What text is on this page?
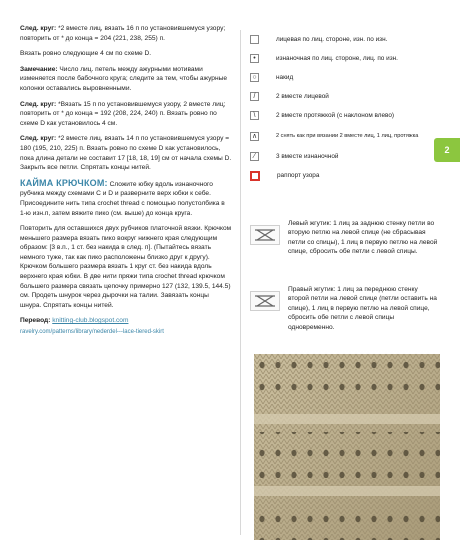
След. круг: *2 вместе лиц, вязать 16 п по установившемуся узору; повторить от * до конца = 204 (221, 238, 255) п.

Вязать ровно следующие 4 см по схеме D.

Замечание: Число лиц. петель между ажурными мотивами изменяется после бабочного круга; следите за тем, чтобы ажурные колонки оставались выровненными.

След. круг: *Вязать 15 п по установившемуся узору, 2 вместе лиц; повторить от * до конца = 192 (208, 224, 240) п. Вязать ровно по схеме D как установилось 4 см.

След. круг: *2 вместе лиц, вязать 14 п по установившемуся узору = 180 (195, 210, 225) п. Вязать ровно по схеме D как установилось, пока длина детали не составит 17 [18, 18, 19] см от начала схемы D. Закрыть все петли. Спрятать концы нитей.

КАЙМА КРЮЧКОМ: Сложите юбку вдоль изнаночного рубчика между схемами C и D и разверните верх юбки к себе. Присоедините нить типа crochet thread с помощью полустолбика в 1-ю изн.п, затем вяжите пико (см. выше) до конца круга.

Повторить для оставшихся двух рубчиков платочной вязки. Крючком меньшего размера вязать пико вокруг нижнего края следующим образом: [3 в.п., 1 ст. без накида в след. п]. (Пытайтесь вязать немного туже, так как пико расположены близко друг к другу). Крючком большего размера вязать 1 круг ст. без накида вдоль верхнего края юбки. В две нити пряжи типа crochet thread крючком большего размера связать цепочку примерно 127 (132, 139.5, 144.5) см. Продеть шнурок через дырочки на талии. Завязать концы шнура. Спрятать концы нитей.

Перевод: knitting-club.blogspot.com

ravelry.com/patterns/library/nederdel---lace-tiered-skirt

лицевая по лиц. стороне, изн. по изн.
•	изнаночная по лиц. стороне, лиц. по изн.
○	накид
/	2 вместе лицевой
\	2 вместе протяжкой (с наклоном влево)
∧	2 снять как при вязании 2 вместе лиц, 1 лиц, протяжка
⁄	3 вместе изнаночной
раппорт узора
2
Левый жгутик: 1 лиц за заднюю стенку петли во вторую петлю на левой спице (не сбрасывая петли со спицы), 1 лиц в первую петлю на левой спице, сбросить обе петли с левой спицы.
Правый жгутик: 1 лиц за переднюю стенку второй петли на левой спице (петли оставить на спице), 1 лиц в первую петлю на левой спице, сбросить обе петли с левой спицы одновременно.
